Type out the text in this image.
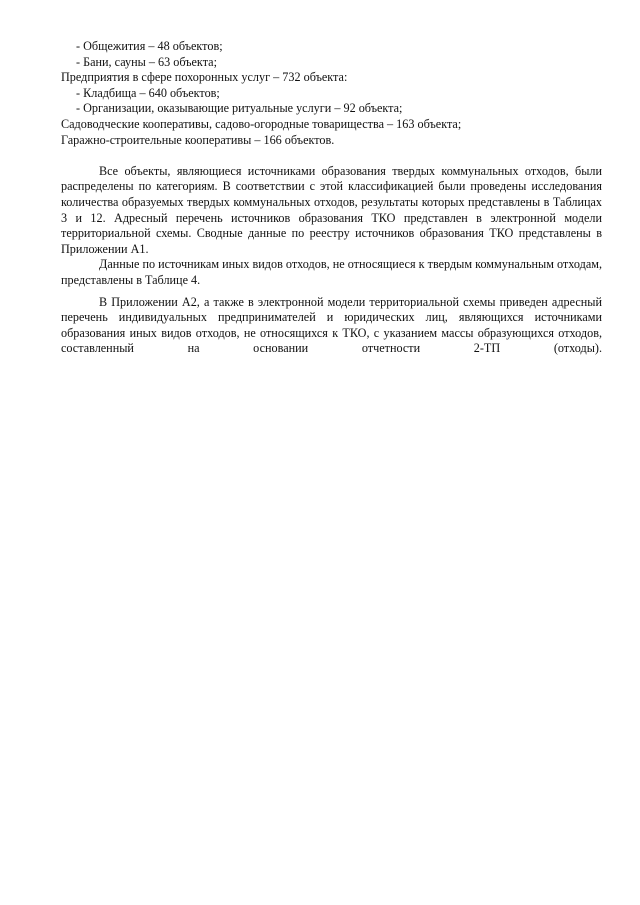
- Общежития – 48 объектов;
- Бани, сауны – 63 объекта;
Предприятия в сфере похоронных услуг – 732 объекта:
- Кладбища – 640 объектов;
- Организации, оказывающие ритуальные услуги – 92 объекта;
Садоводческие кооперативы, садово-огородные товарищества – 163 объекта;
Гаражно-строительные кооперативы – 166 объектов.

Все объекты, являющиеся источниками образования твердых коммунальных отходов, были распределены по категориям. В соответствии с этой классификацией были проведены исследования количества образуемых твердых коммунальных отходов, результаты которых представлены в Таблицах 3 и 12. Адресный перечень источников образования ТКО представлен в электронной модели территориальной схемы. Сводные данные по реестру источников образования ТКО представлены в Приложении А1.

Данные по источникам иных видов отходов, не относящиеся к твердым коммунальным отходам, представлены в Таблице 4.

В Приложении А2, а также в электронной модели территориальной схемы приведен адресный перечень индивидуальных предпринимателей и юридических лиц, являющихся источниками образования иных видов отходов, не относящихся к ТКО, с указанием массы образующихся отходов, составленный на основании отчетности 2-ТП (отходы).
